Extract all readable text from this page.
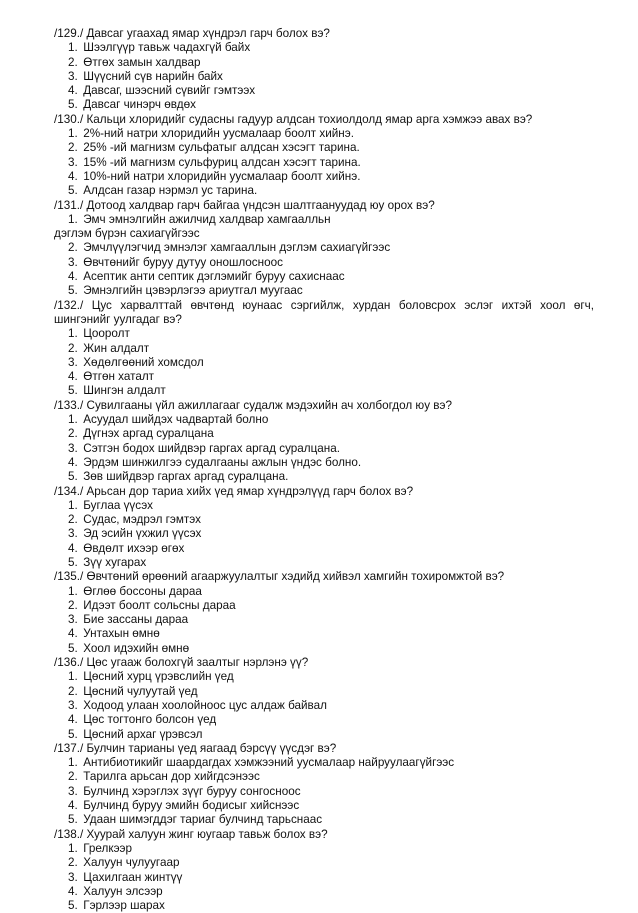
/129./ Давсаг угаахад ямар хүндрэл гарч болох вэ?
1. Шээлгүүр тавьж чадахгүй байх
2. Өтгөх замын халдвар
3. Шүүсний сүв нарийн байх
4. Давсаг, шээсний сүвийг гэмтээх
5. Давсаг чинэрч өвдөх
/130./ Кальци хлоридийг судасны гадуур алдсан тохиолдолд ямар арга хэмжээ авах вэ?
1. 2%-ний натри хлоридийн уусмалаар боолт хийнэ.
2. 25% -ий магнизм сульфатыг алдсан хэсэгт тарина.
3. 15% -ий магнизм сульфуриц алдсан хэсэгт тарина.
4. 10%-ний натри хлоридийн уусмалаар боолт хийнэ.
5. Алдсан газар нэрмэл ус тарина.
/131./ Дотоод халдвар гарч байгаа үндсэн шалтгаануудад юу орох вэ?
1. Эмч эмнэлгийн ажилчид халдвар хамгаалльн
дэглэм бүрэн сахиагүйгээс
2. Эмчлүүлэгчид эмнэлэг хамгааллын дэглэм сахиагүйгээс
3. Өвчтөнийг буруу дутуу оношлосноос
4. Асептик анти септик дэглэмийг буруу сахиснаас
5. Эмнэлгийн цэвэрлэгээ ариутгал муугаас
/132./ Цус харвалттай өвчтөнд юунаас сэргийлж, хурдан боловсрох эслэг ихтэй хоол өгч, шингэнийг уулгадаг вэ?
1. Цооролт
2. Жин алдалт
3. Хөдөлгөөний хомсдол
4. Өтгөн хаталт
5. Шингэн алдалт
/133./ Сувилгааны үйл ажиллагааг судалж мэдэхийн ач холбогдол юу вэ?
1. Асуудал шийдэх чадвартай болно
2. Дүгнэх аргад суралцана
3. Сэтгэн бодох шийдвэр гаргах аргад суралцана.
4. Эрдэм шинжилгээ судалгааны ажлын үндэс болно.
5. Зөв шийдвэр гаргах аргад суралцана.
/134./ Арьсан дор тариа хийх үед ямар хүндрэлүүд гарч болох вэ?
1. Буглаа үүсэх
2. Судас, мэдрэл гэмтэх
3. Эд эсийн үхжил үүсэх
4. Өвдөлт ихээр өгөх
5. Зүү хугарах
/135./ Өвчтөний өрөөний агааржуулалтыг хэдийд хийвэл хамгийн тохиромжтой вэ?
1. Өглөө боссоны дараа
2. Идээт боолт сольсны дараа
3. Бие зассаны дараа
4. Унтахын өмнө
5. Хоол идэхийн өмнө
/136./ Цөс угааж болохгүй заалтыг нэрлэнэ үү?
1. Цөсний хурц үрэвслийн үед
2. Цөсний чулуутай үед
3. Ходоод улаан хоолойноос цус алдаж байвал
4. Цөс тогтонго болсон үед
5. Цөсний архаг үрэвсэл
/137./ Булчин тарианы үед яагаад бэрсүү үүсдэг вэ?
1. Антибиотикийг шаардагдах хэмжээний уусмалаар найруулаагүйгээс
2. Тарилга арьсан дор хийгдсэнээс
3. Булчинд хэрэглэх зүүг буруу сонгосноос
4. Булчинд буруу эмийн бодисыг хийснээс
5. Удаан шимэгддэг тариаг булчинд тарьснаас
/138./ Хуурай халуун жинг юугаар тавьж болох вэ?
1. Грелкээр
2. Халуун чулуугаар
3. Цахилгаан жинтүү
4. Халуун элсээр
5. Гэрлээр шарах
